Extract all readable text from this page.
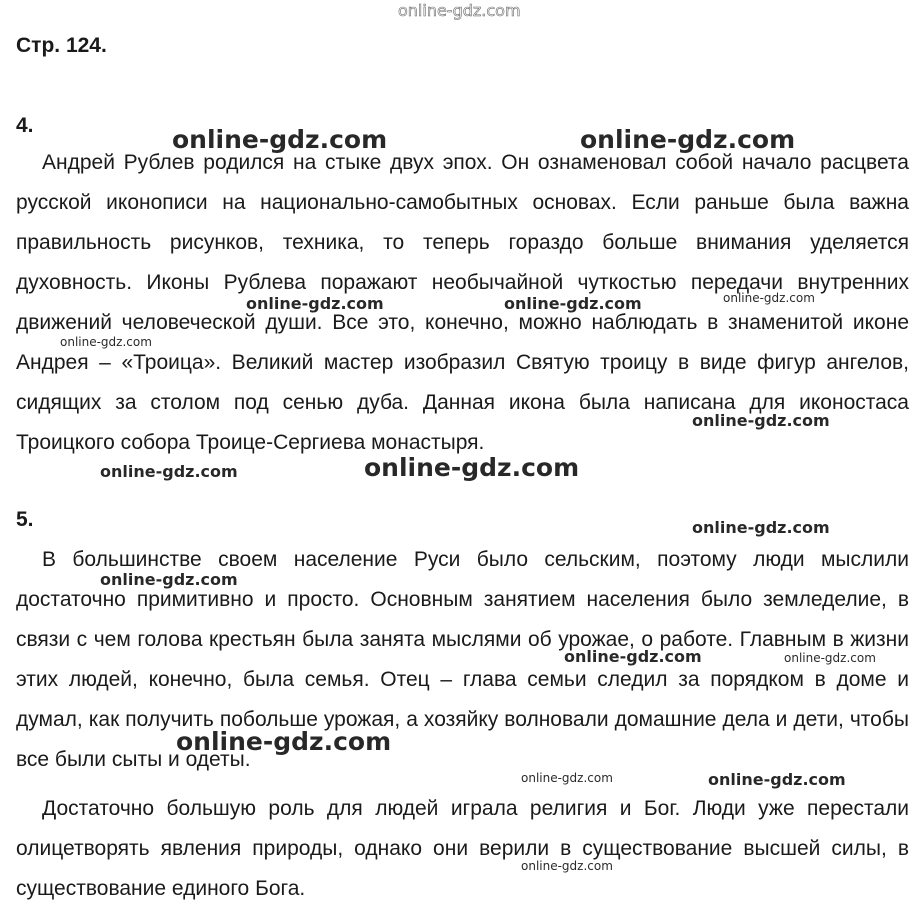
Стр. 124.
4.

Андрей Рублев родился на стыке двух эпох. Он ознаменовал собой начало расцвета русской иконописи на национально-самобытных основах. Если раньше была важна правильность рисунков, техника, то теперь гораздо больше внимания уделяется духовность. Иконы Рублева поражают необычайной чуткостью передачи внутренних движений человеческой души. Все это, конечно, можно наблюдать в знаменитой иконе Андрея – «Троица». Великий мастер изобразил Святую троицу в виде фигур ангелов, сидящих за столом под сенью дуба. Данная икона была написана для иконостаса Троицкого собора Троице-Сергиева монастыря.

5.

В большинстве своем население Руси было сельским, поэтому люди мыслили достаточно примитивно и просто. Основным занятием населения было земледелие, в связи с чем голова крестьян была занята мыслями об урожае, о работе. Главным в жизни этих людей, конечно, была семья. Отец – глава семьи следил за порядком в доме и думал, как получить побольше урожая, а хозяйку волновали домашние дела и дети, чтобы все были сыты и одеты.

Достаточно большую роль для людей играла религия и Бог. Люди уже перестали олицетворять явления природы, однако они верили в существование высшей силы, в существование единого Бога.

online-gdz.com
online-gdz.com	online-gdz.com
online-gdz.com	online-gdz.com	online-gdz.com
online-gdz.com
online-gdz.com
online-gdz.com	online-gdz.com
online-gdz.com
online-gdz.com
online-gdz.com	online-gdz.com
online-gdz.com
online-gdz.com	online-gdz.com
online-gdz.com
